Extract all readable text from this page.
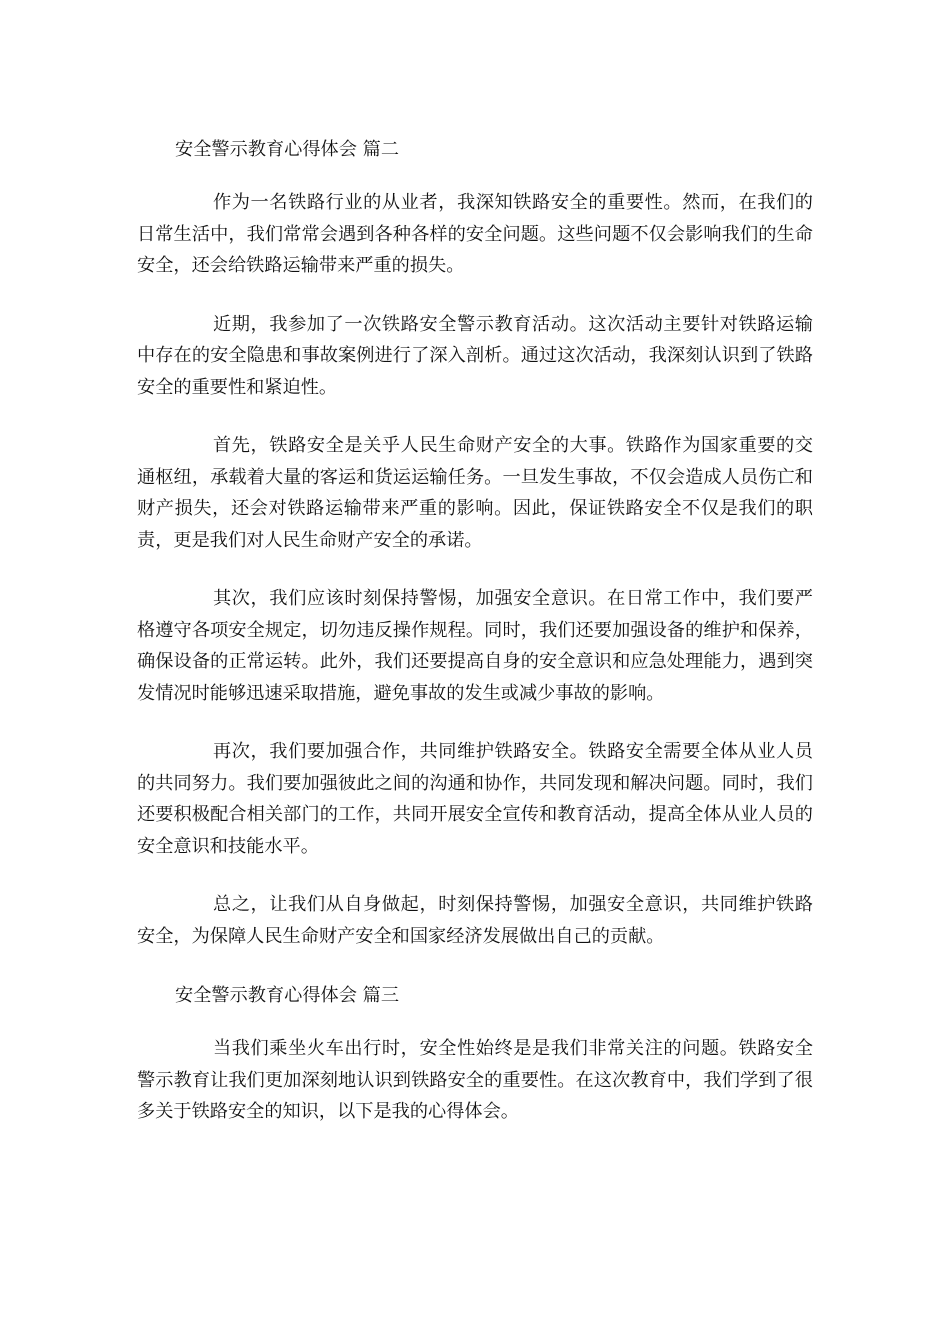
安全警示教育心得体会 篇二

作为一名铁路行业的从业者，我深知铁路安全的重要性。然而，在我们的日常生活中，我们常常会遇到各种各样的安全问题。这些问题不仅会影响我们的生命安全，还会给铁路运输带来严重的损失。

近期，我参加了一次铁路安全警示教育活动。这次活动主要针对铁路运输中存在的安全隐患和事故案例进行了深入剖析。通过这次活动，我深刻认识到了铁路安全的重要性和紧迫性。

首先，铁路安全是关乎人民生命财产安全的大事。铁路作为国家重要的交通枢纽，承载着大量的客运和货运运输任务。一旦发生事故，不仅会造成人员伤亡和财产损失，还会对铁路运输带来严重的影响。因此，保证铁路安全不仅是我们的职责，更是我们对人民生命财产安全的承诺。

其次，我们应该时刻保持警惕，加强安全意识。在日常工作中，我们要严格遵守各项安全规定，切勿违反操作规程。同时，我们还要加强设备的维护和保养，确保设备的正常运转。此外，我们还要提高自身的安全意识和应急处理能力，遇到突发情况时能够迅速采取措施，避免事故的发生或减少事故的影响。

再次，我们要加强合作，共同维护铁路安全。铁路安全需要全体从业人员的共同努力。我们要加强彼此之间的沟通和协作，共同发现和解决问题。同时，我们还要积极配合相关部门的工作，共同开展安全宣传和教育活动，提高全体从业人员的安全意识和技能水平。

总之，让我们从自身做起，时刻保持警惕，加强安全意识，共同维护铁路安全，为保障人民生命财产安全和国家经济发展做出自己的贡献。

安全警示教育心得体会 篇三

当我们乘坐火车出行时，安全性始终是是我们非常关注的问题。铁路安全警示教育让我们更加深刻地认识到铁路安全的重要性。在这次教育中，我们学到了很多关于铁路安全的知识，以下是我的心得体会。
